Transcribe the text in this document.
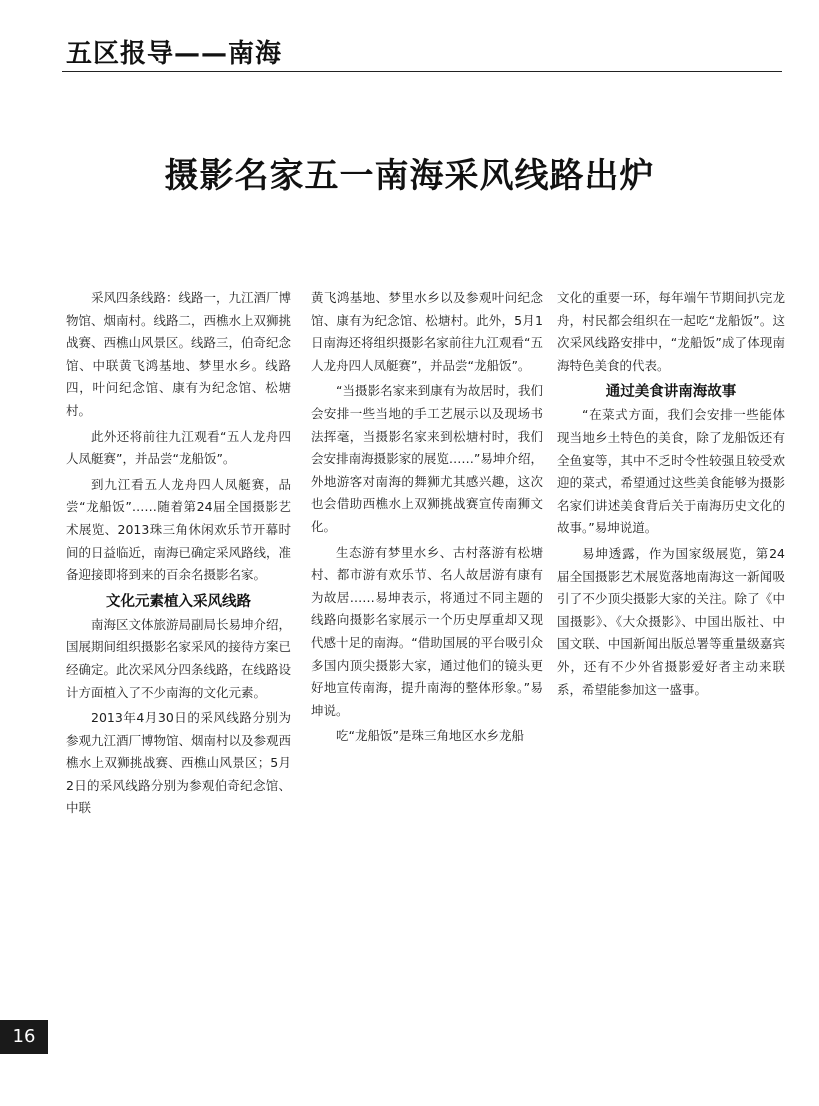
五区报导——南海
摄影名家五一南海采风线路出炉

采风四条线路：线路一，九江酒厂博物馆、烟南村。线路二，西樵水上双狮挑战赛、西樵山风景区。线路三，伯奇纪念馆、中联黄飞鸿基地、梦里水乡。线路四，叶问纪念馆、康有为纪念馆、松塘村。

此外还将前往九江观看“五人龙舟四人凤艇赛”，并品尝“龙船饭”。

到九江看五人龙舟四人凤艇赛，品尝“龙船饭”……随着第24届全国摄影艺术展览、2013珠三角休闲欢乐节开幕时间的日益临近，南海已确定采风路线，准备迎接即将到来的百余名摄影名家。

文化元素植入采风线路

南海区文体旅游局副局长易坤介绍，国展期间组织摄影名家采风的接待方案已经确定。此次采风分四条线路，在线路设计方面植入了不少南海的文化元素。

2013年4月30日的采风线路分别为参观九江酒厂博物馆、烟南村以及参观西樵水上双狮挑战赛、西樵山风景区；5月2日的采风线路分别为参观伯奇纪念馆、中联

黄飞鸿基地、梦里水乡以及参观叶问纪念馆、康有为纪念馆、松塘村。此外，5月1日南海还将组织摄影名家前往九江观看“五人龙舟四人凤艇赛”，并品尝“龙船饭”。

“当摄影名家来到康有为故居时，我们会安排一些当地的手工艺展示以及现场书法挥毫，当摄影名家来到松塘村时，我们会安排南海摄影家的展览……”易坤介绍，外地游客对南海的舞狮尤其感兴趣，这次也会借助西樵水上双狮挑战赛宣传南狮文化。

生态游有梦里水乡、古村落游有松塘村、都市游有欢乐节、名人故居游有康有为故居……易坤表示，将通过不同主题的线路向摄影名家展示一个历史厚重却又现代感十足的南海。“借助国展的平台吸引众多国内顶尖摄影大家，通过他们的镜头更好地宣传南海，提升南海的整体形象。”易坤说。

吃“龙船饭”是珠三角地区水乡龙船

文化的重要一环，每年端午节期间扒完龙舟，村民都会组织在一起吃“龙船饭”。这次采风线路安排中，“龙船饭”成了体现南海特色美食的代表。

通过美食讲南海故事

“在菜式方面，我们会安排一些能体现当地乡土特色的美食，除了龙船饭还有全鱼宴等，其中不乏时令性较强且较受欢迎的菜式，希望通过这些美食能够为摄影名家们讲述美食背后关于南海历史文化的故事。”易坤说道。

易坤透露，作为国家级展览，第24届全国摄影艺术展览落地南海这一新闻吸引了不少顶尖摄影大家的关注。除了《中国摄影》、《大众摄影》、中国出版社、中国文联、中国新闻出版总署等重量级嘉宾外，还有不少外省摄影爱好者主动来联系，希望能参加这一盛事。

16
